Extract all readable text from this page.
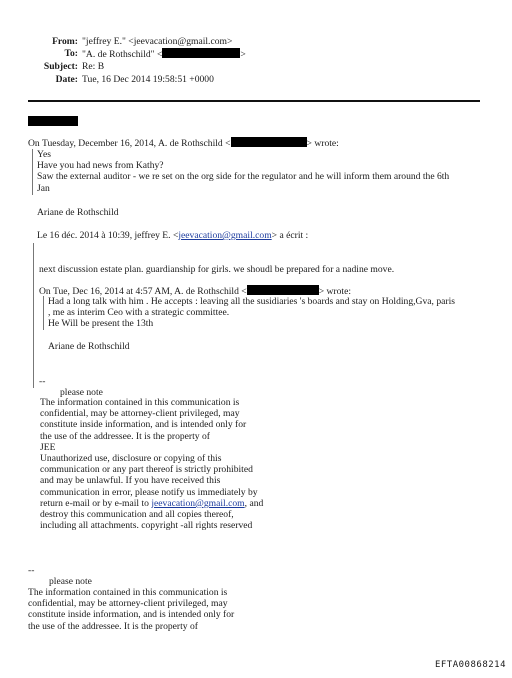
From: "jeffrey E." <jeevacation@gmail.com>
To: "A. de Rothschild" <	>
Subject: Re: B
Date: Tue, 16 Dec 2014 19:58:51 +0000
On Tuesday, December 16, 2014, A. de Rothschild <	> wrote:
Yes
Have you had news from Kathy?
Saw the external auditor - we re set on the org side for the regulator and he will inform them around the 6th
Jan
Ariane de Rothschild
Le 16 déc. 2014 à 10:39, jeffrey E. <jeevacation@gmail.com> a écrit :
next discussion estate plan. guardianship for girls. we shoudl be prepared for a nadine move.
On Tue, Dec 16, 2014 at 4:57 AM, A. de Rothschild <	> wrote:
Had a long talk with him . He accepts : leaving all the susidiaries 's boards and stay on Holding,Gva, paris
, me as interim Ceo with a strategic committee.
He Will be present the 13th
Ariane de Rothschild
--
please note
The information contained in this communication is
confidential, may be attorney-client privileged, may
constitute inside information, and is intended only for
the use of the addressee. It is the property of
JEE
Unauthorized use, disclosure or copying of this
communication or any part thereof is strictly prohibited
and may be unlawful. If you have received this
communication in error, please notify us immediately by
return e-mail or by e-mail to jeevacation@gmail.com, and
destroy this communication and all copies thereof,
including all attachments. copyright -all rights reserved
--
please note
The information contained in this communication is
confidential, may be attorney-client privileged, may
constitute inside information, and is intended only for
the use of the addressee. It is the property of
EFTA00868214
